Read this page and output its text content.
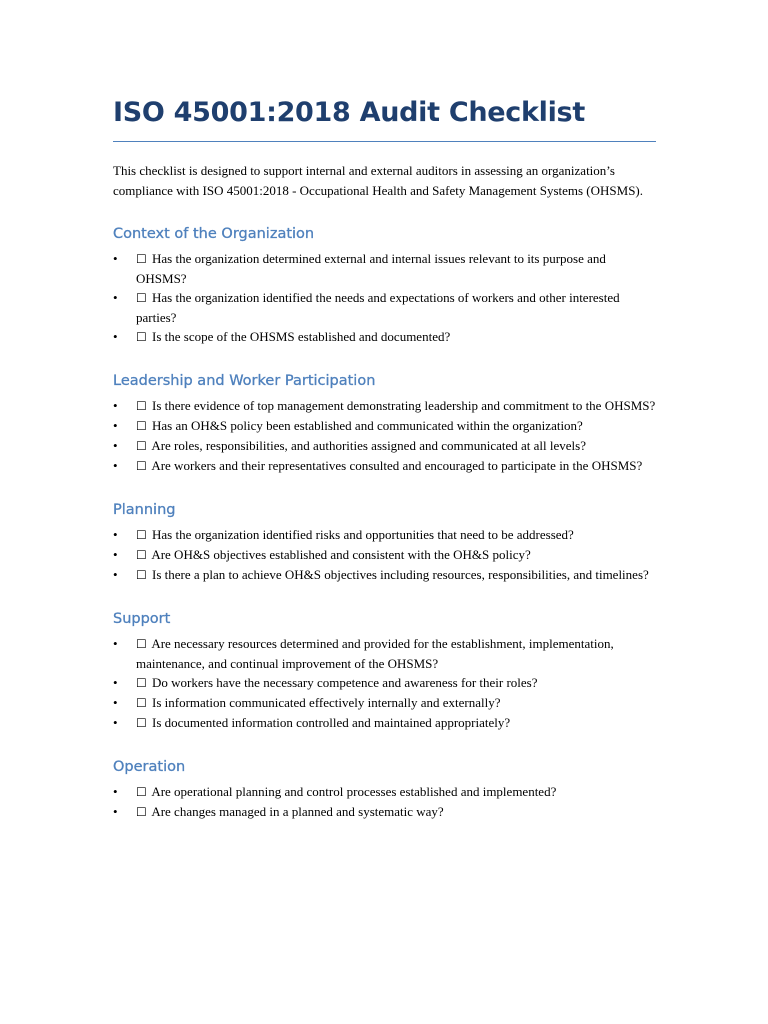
ISO 45001:2018 Audit Checklist

This checklist is designed to support internal and external auditors in assessing an organization’s compliance with ISO 45001:2018 - Occupational Health and Safety Management Systems (OHSMS).

Context of the Organization
•	☐ Has the organization determined external and internal issues relevant to its purpose and OHSMS?
•	☐ Has the organization identified the needs and expectations of workers and other interested parties?
•	☐ Is the scope of the OHSMS established and documented?
Leadership and Worker Participation
•	☐ Is there evidence of top management demonstrating leadership and commitment to the OHSMS?
•	☐ Has an OH&S policy been established and communicated within the organization?
•	☐ Are roles, responsibilities, and authorities assigned and communicated at all levels?
•	☐ Are workers and their representatives consulted and encouraged to participate in the OHSMS?
Planning
•	☐ Has the organization identified risks and opportunities that need to be addressed?
•	☐ Are OH&S objectives established and consistent with the OH&S policy?
•	☐ Is there a plan to achieve OH&S objectives including resources, responsibilities, and timelines?
Support
•	☐ Are necessary resources determined and provided for the establishment, implementation, maintenance, and continual improvement of the OHSMS?
•	☐ Do workers have the necessary competence and awareness for their roles?
•	☐ Is information communicated effectively internally and externally?
•	☐ Is documented information controlled and maintained appropriately?
Operation
•	☐ Are operational planning and control processes established and implemented?
•	☐ Are changes managed in a planned and systematic way?
